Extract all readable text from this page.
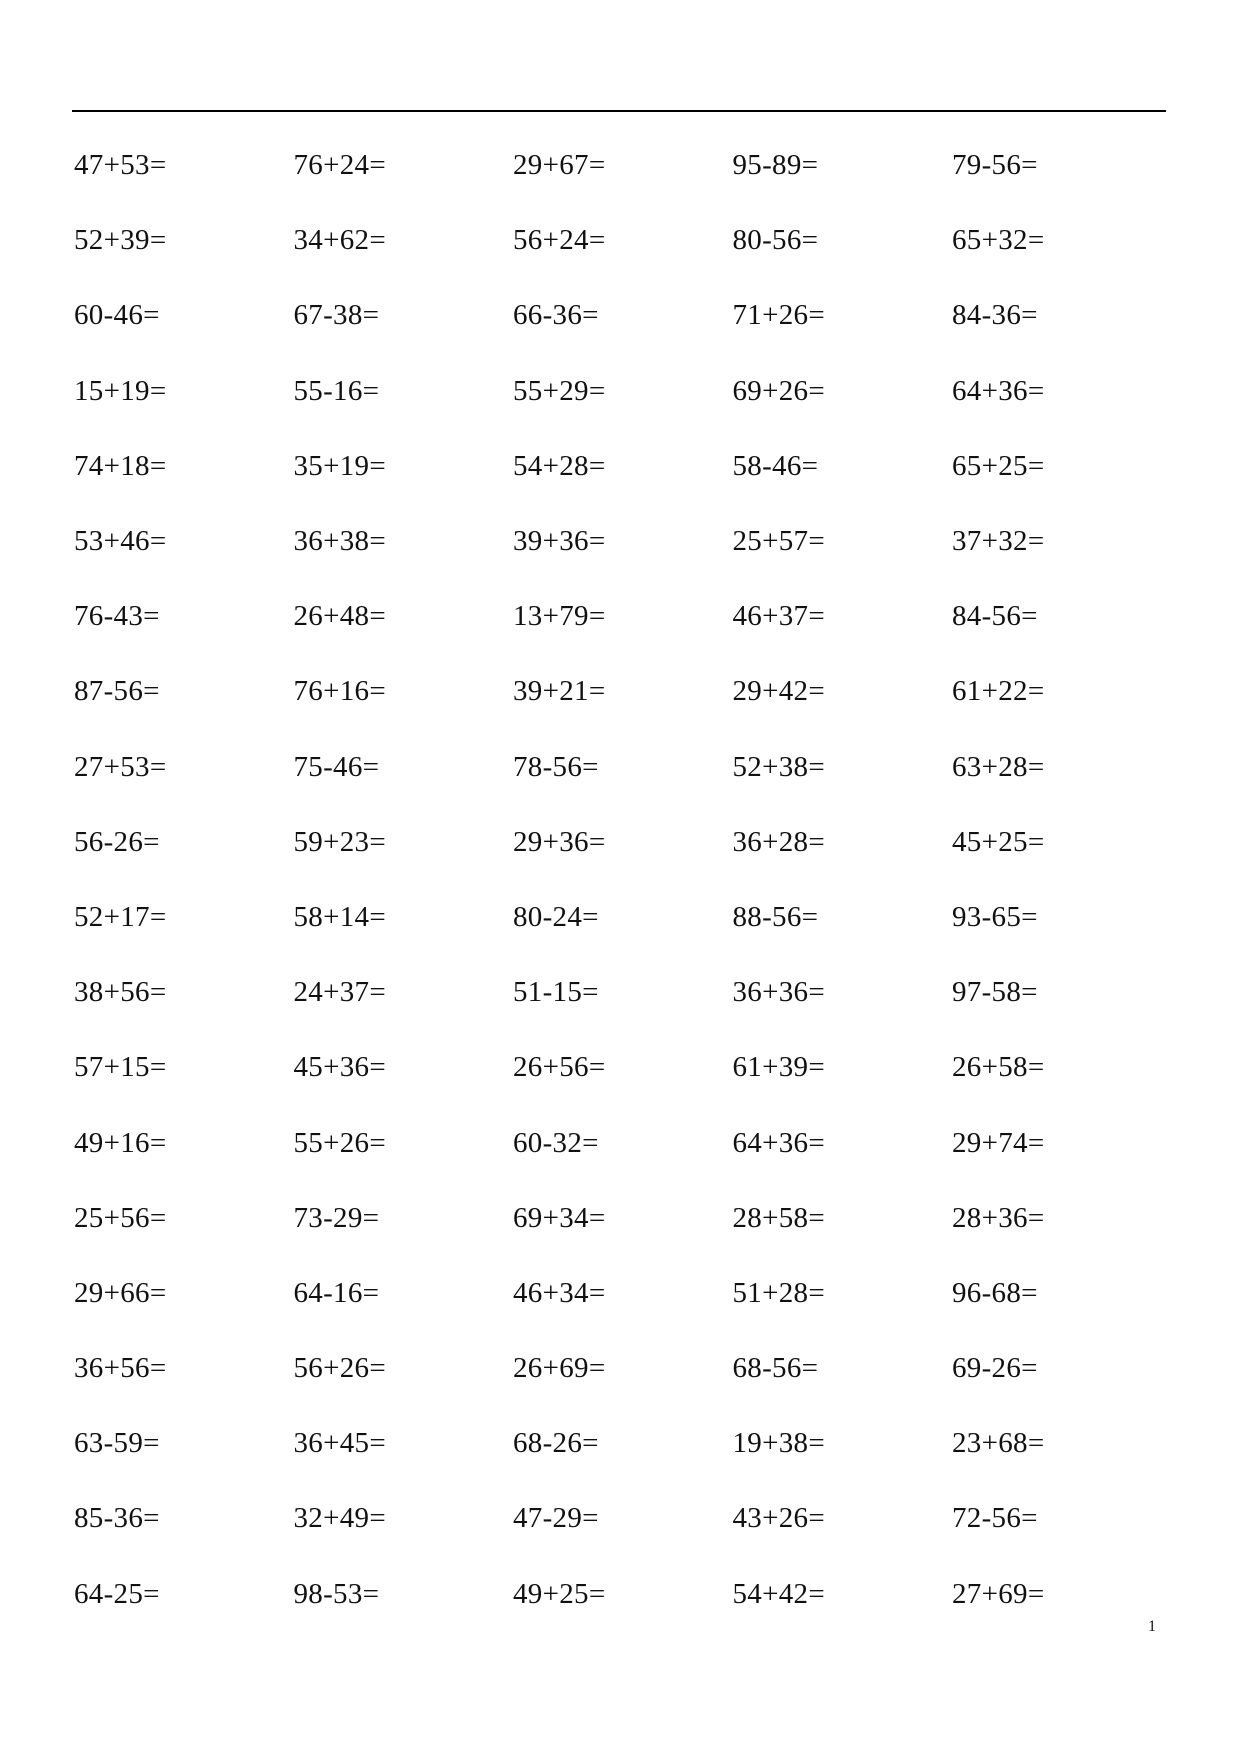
47+53=	76+24=	29+67=	95-89=	79-56=
52+39=	34+62=	56+24=	80-56=	65+32=
60-46=	67-38=	66-36=	71+26=	84-36=
15+19=	55-16=	55+29=	69+26=	64+36=
74+18=	35+19=	54+28=	58-46=	65+25=
53+46=	36+38=	39+36=	25+57=	37+32=
76-43=	26+48=	13+79=	46+37=	84-56=
87-56=	76+16=	39+21=	29+42=	61+22=
27+53=	75-46=	78-56=	52+38=	63+28=
56-26=	59+23=	29+36=	36+28=	45+25=
52+17=	58+14=	80-24=	88-56=	93-65=
38+56=	24+37=	51-15=	36+36=	97-58=
57+15=	45+36=	26+56=	61+39=	26+58=
49+16=	55+26=	60-32=	64+36=	29+74=
25+56=	73-29=	69+34=	28+58=	28+36=
29+66=	64-16=	46+34=	51+28=	96-68=
36+56=	56+26=	26+69=	68-56=	69-26=
63-59=	36+45=	68-26=	19+38=	23+68=
85-36=	32+49=	47-29=	43+26=	72-56=
64-25=	98-53=	49+25=	54+42=	27+69=
1
